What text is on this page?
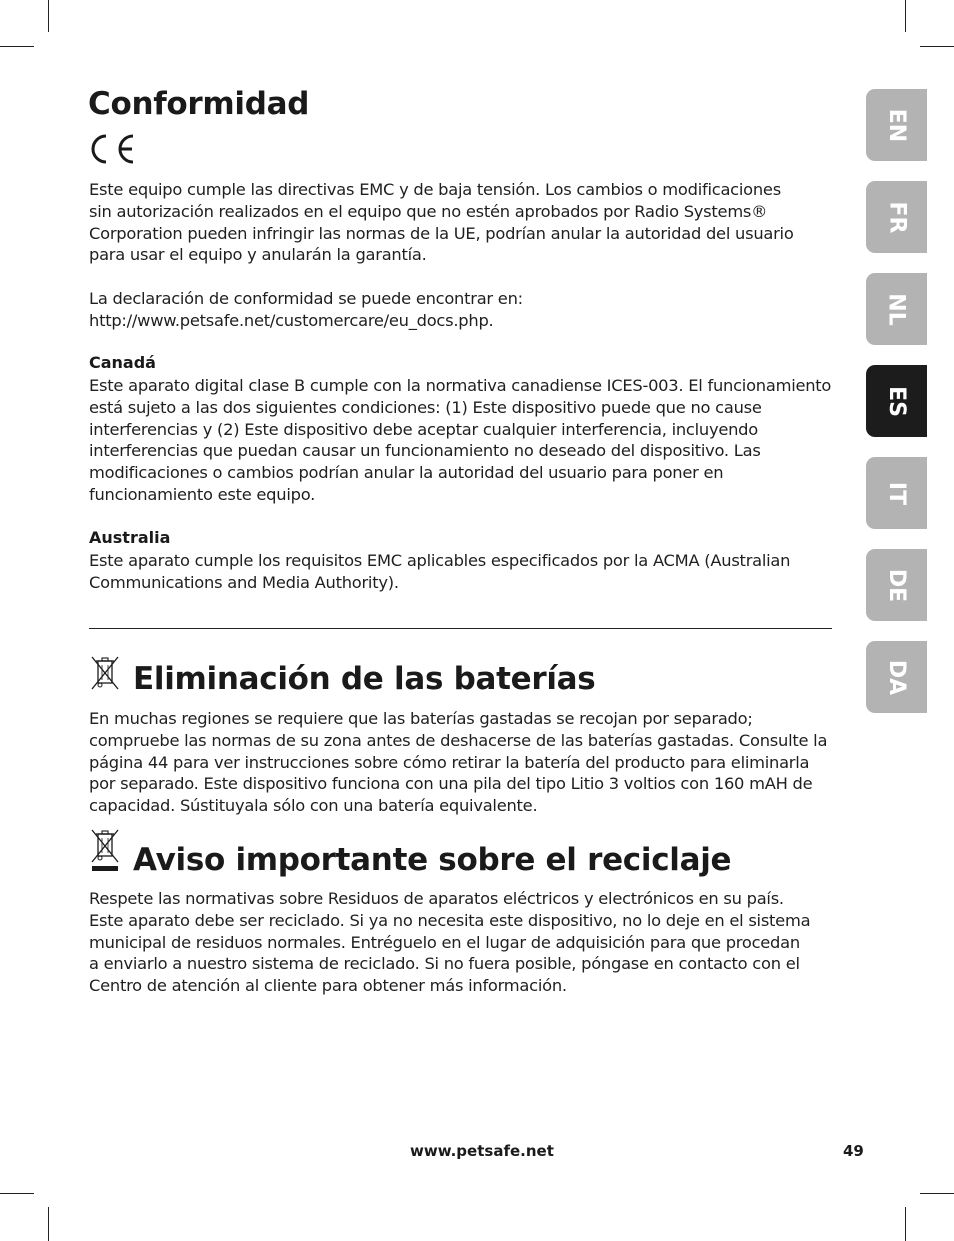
Conformidad
Este equipo cumple las directivas EMC y de baja tensión. Los cambios o modificaciones
sin autorización realizados en el equipo que no estén aprobados por Radio Systems®
Corporation pueden infringir las normas de la UE, podrían anular la autoridad del usuario
para usar el equipo y anularán la garantía.
La declaración de conformidad se puede encontrar en:
http://www.petsafe.net/customercare/eu_docs.php.
Canadá
Este aparato digital clase B cumple con la normativa canadiense ICES-003. El funcionamiento
está sujeto a las dos siguientes condiciones: (1) Este dispositivo puede que no cause
interferencias y (2) Este dispositivo debe aceptar cualquier interferencia, incluyendo
interferencias que puedan causar un funcionamiento no deseado del dispositivo. Las
modificaciones o cambios podrían anular la autoridad del usuario para poner en
funcionamiento este equipo.
Australia
Este aparato cumple los requisitos EMC aplicables especificados por la ACMA (Australian
Communications and Media Authority).
Eliminación de las baterías
En muchas regiones se requiere que las baterías gastadas se recojan por separado;
compruebe las normas de su zona antes de deshacerse de las baterías gastadas. Consulte la
página 44 para ver instrucciones sobre cómo retirar la batería del producto para eliminarla
por separado. Este dispositivo funciona con una pila del tipo Litio 3 voltios con 160 mAH de
capacidad. Sústituyala sólo con una batería equivalente.
Aviso importante sobre el reciclaje
Respete las normativas sobre Residuos de aparatos eléctricos y electrónicos en su país.
Este aparato debe ser reciclado. Si ya no necesita este dispositivo, no lo deje en el sistema
municipal de residuos normales. Entréguelo en el lugar de adquisición para que procedan
a enviarlo a nuestro sistema de reciclado. Si no fuera posible, póngase en contacto con el
Centro de atención al cliente para obtener más información.
EN
FR
NL
ES
IT
DE
DA
www.petsafe.net	49
